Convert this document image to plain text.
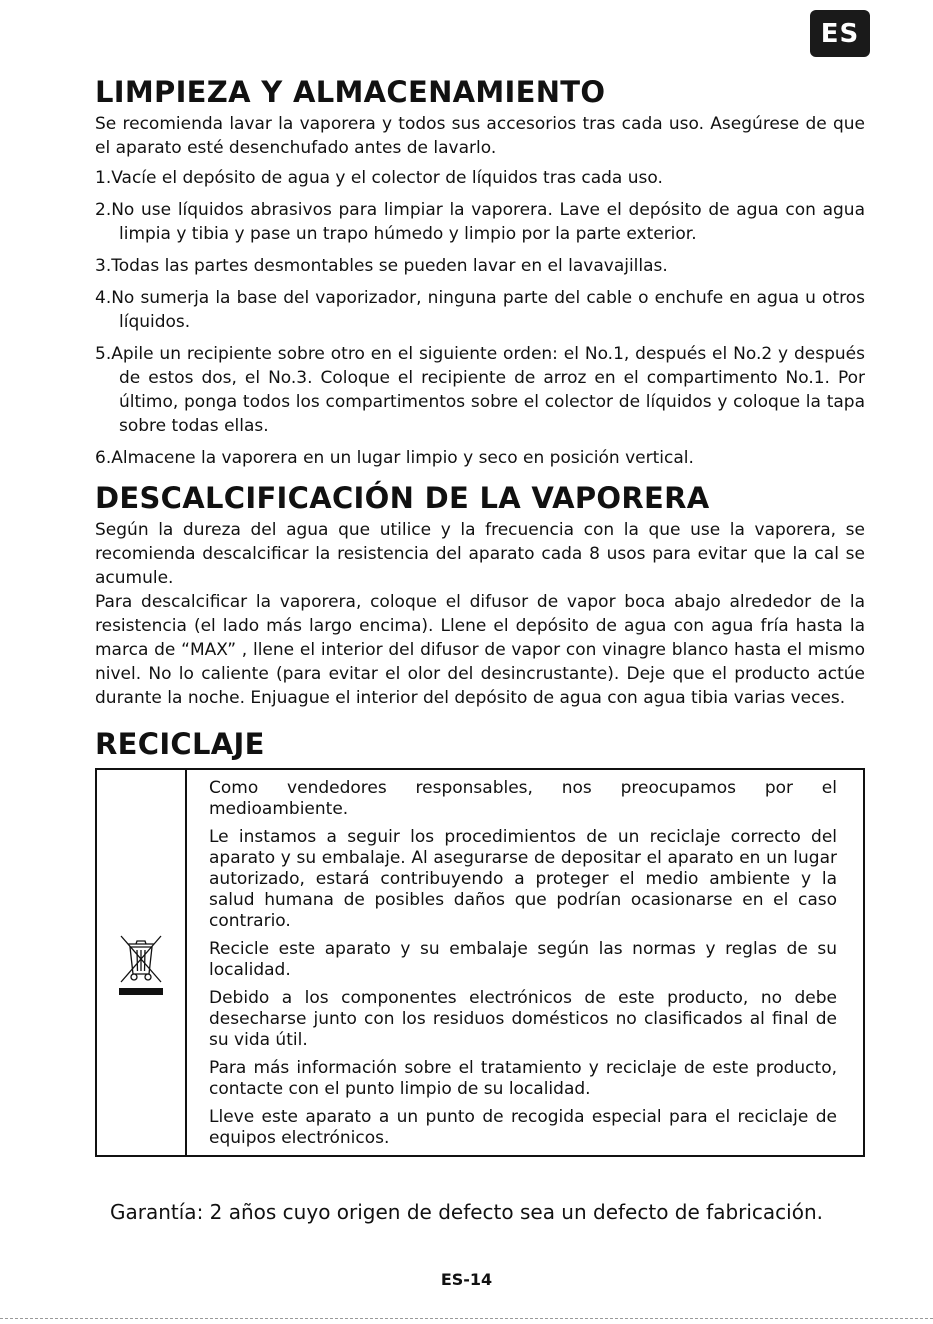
ES
LIMPIEZA Y ALMACENAMIENTO

Se recomienda lavar la vaporera y todos sus accesorios tras cada uso. Asegúrese de que el aparato esté desenchufado antes de lavarlo.

1.Vacíe el depósito de agua y el colector de líquidos tras cada uso.
2.No use líquidos abrasivos para limpiar la vaporera. Lave el depósito de agua con agua limpia y tibia y pase un trapo húmedo y limpio por la parte exterior.
3.Todas las partes desmontables se pueden lavar en el lavavajillas.
4.No sumerja la base del vaporizador, ninguna parte del cable o enchufe en agua u otros líquidos.
5.Apile un recipiente sobre otro en el siguiente orden: el No.1, después el No.2 y después de estos dos, el No.3. Coloque el recipiente de arroz en el compartimento No.1. Por último, ponga todos los compartimentos sobre el colector de líquidos y coloque la tapa sobre todas ellas.
6.Almacene la vaporera en un lugar limpio y seco en posición vertical.
DESCALCIFICACIÓN DE LA VAPORERA

Según la dureza del agua que utilice y la frecuencia con la que use la vaporera, se recomienda descalcificar la resistencia del aparato cada 8 usos para evitar que la cal se acumule.

Para descalcificar la vaporera, coloque el difusor de vapor boca abajo alrededor de la resistencia (el lado más largo encima). Llene el depósito de agua con agua fría hasta la marca de “MAX” , llene el interior del difusor de vapor con vinagre blanco hasta el mismo nivel. No lo caliente (para evitar el olor del desincrustante). Deje que el producto actúe durante la noche. Enjuague el interior del depósito de agua con agua tibia varias veces.

RECICLAJE

Como vendedores responsables, nos preocupamos por el medioambiente.

Le instamos a seguir los procedimientos de un reciclaje correcto del aparato y su embalaje. Al asegurarse de depositar el aparato en un lugar autorizado, estará contribuyendo a proteger el medio ambiente y la salud humana de posibles daños que podrían ocasionarse en el caso contrario.

Recicle este aparato y su embalaje según las normas y reglas de su localidad.

Debido a los componentes electrónicos de este producto, no debe desecharse junto con los residuos domésticos no clasificados al final de su vida útil.

Para más información sobre el tratamiento y reciclaje de este producto, contacte con el punto limpio de su localidad.

Lleve este aparato a un punto de recogida especial para el reciclaje de equipos electrónicos.

Garantía: 2 años cuyo origen de defecto sea un defecto de fabricación.
ES-14
